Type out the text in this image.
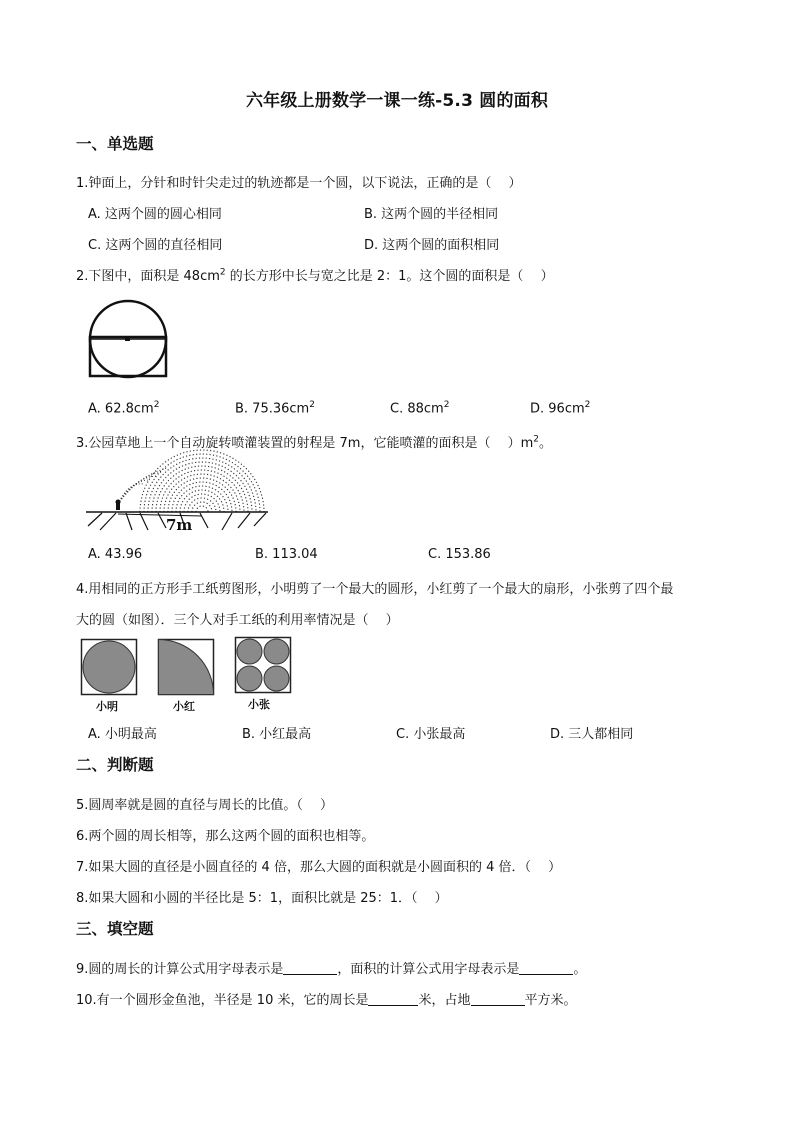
六年级上册数学一课一练-5.3 圆的面积
一、单选题
1.钟面上，分针和时针尖走过的轨迹都是一个圆，以下说法，正确的是（　 ）
A. 这两个圆的圆心相同	B. 这两个圆的半径相同
C. 这两个圆的直径相同	D. 这两个圆的面积相同
2.下图中，面积是 $48cm^2$ 的长方形中长与宽之比是 2：1。这个圆的面积是（　 ）
A. $62.8cm^2$	B. $75.36cm^2$	C. $88cm^2$	D. $96cm^2$
3.公园草地上一个自动旋转喷灌装置的射程是 7m，它能喷灌的面积是（　 ）$m^2$。
7m
A. 43.96	B. 113.04	C. 153.86
4.用相同的正方形手工纸剪图形，小明剪了一个最大的圆形，小红剪了一个最大的扇形，小张剪了四个最
大的圆（如图）．三个人对手工纸的利用率情况是（　 ）
小明	小红	小张
A. 小明最高	B. 小红最高	C. 小张最高	D. 三人都相同
二、判断题
5.圆周率就是圆的直径与周长的比值。（　 ）
6.两个圆的周长相等，那么这两个圆的面积也相等。
7.如果大圆的直径是小圆直径的 4 倍，那么大圆的面积就是小圆面积的 4 倍．（　 ）
8.如果大圆和小圆的半径比是 5：1，面积比就是 25：1．（　 ）
三、填空题
9.圆的周长的计算公式用字母表示是	，面积的计算公式用字母表示是	。
10.有一个圆形金鱼池，半径是 10 米，它的周长是	米，占地	平方米。
